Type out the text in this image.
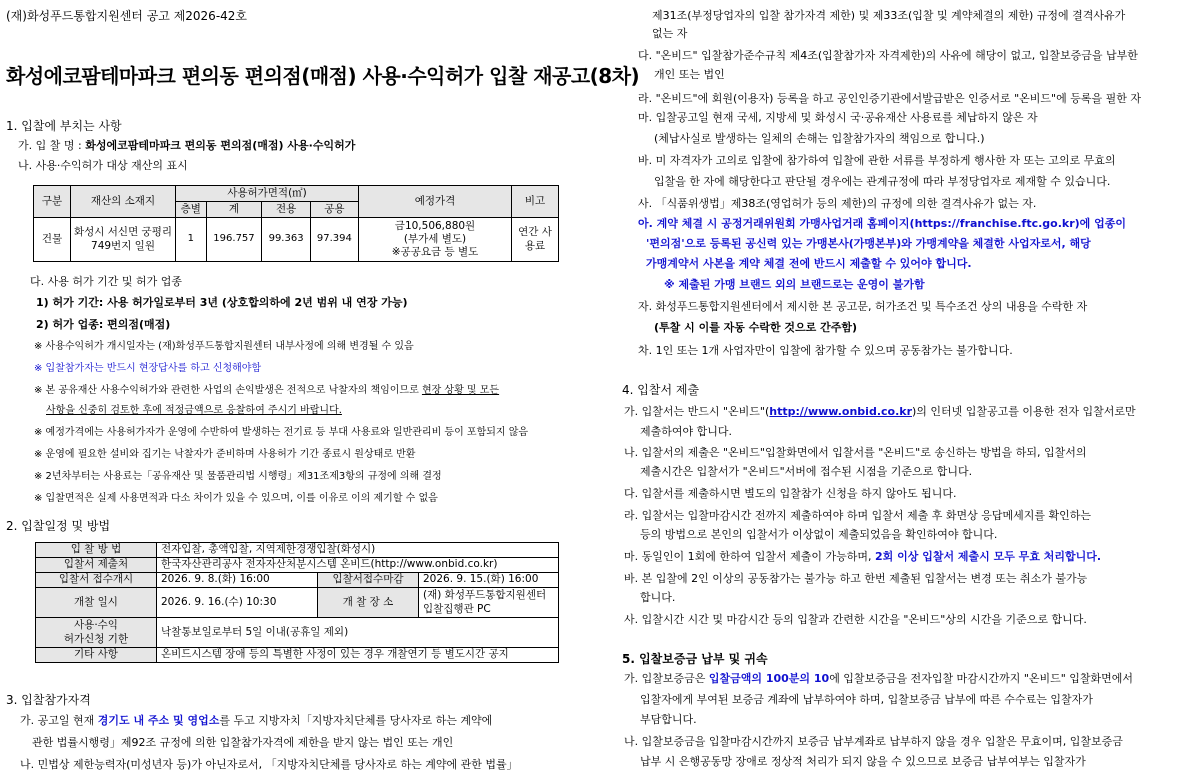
(재)화성푸드통합지원센터 공고 제2026-42호
화성에코팜테마파크 편의동 편의점(매점) 사용·수익허가 입찰 재공고(8차)
1. 입찰에 부치는 사항
가. 입 찰 명 : 화성에코팜테마파크 편의동 편의점(매점) 사용·수익허가
나. 사용·수익허가 대상 재산의 표시
구분	재산의 소재지	사용허가면적(㎡)				예정가격	비고
		층별	계	전용	공용		
건물	화성시 서신면 궁평리 749번지 일원	1	196.757	99.363	97.394	금10,506,880원
(부가세 별도)
※공공요금 등 별도	연간 사용료
다. 사용 허가 기간 및 허가 업종
1) 허가 기간: 사용 허가일로부터 3년 (상호합의하에 2년 범위 내 연장 가능)
2) 허가 업종: 편의점(매점)
※ 사용수익허가 개시일자는 (재)화성푸드통합지원센터 내부사정에 의해 변경될 수 있음
※ 입찰참가자는 반드시 현장답사를 하고 신청해야함
※ 본 공유재산 사용수익허가와 관련한 사업의 손익발생은 전적으로 낙찰자의 책임이므로 현장 상황 및 모든
사항을 신중히 검토한 후에 적정금액으로 응찰하여 주시기 바랍니다.
※ 예정가격에는 사용허가자가 운영에 수반하여 발생하는 전기료 등 부대 사용료와 일반관리비 등이 포함되지 않음
※ 운영에 필요한 설비와 집기는 낙찰자가 준비하며 사용허가 기간 종료시 원상태로 반환
※ 2년차부터는 사용료는「공유재산 및 물품관리법 시행령」제31조제3항의 규정에 의해 결정
※ 입찰면적은 실제 사용면적과 다소 차이가 있을 수 있으며, 이를 이유로 이의 제기할 수 없음
2. 입찰일정 및 방법
입 찰 방 법	전자입찰, 총액입찰, 지역제한경쟁입찰(화성시)		
입찰서 제출처	한국자산관리공사 전자자산처분시스템 온비드(http://www.onbid.co.kr)		
입찰서 접수개시	2026. 9. 8.(화) 16:00	입찰서접수마감	2026. 9. 15.(화) 16:00
개찰 일시	2026. 9. 16.(수) 10:30	개 찰 장 소	(재) 화성푸드통합지원센터
입찰집행관 PC

사용·수익
허가신청 기한	낙찰통보일로부터 5일 이내(공휴일 제외)		
기타 사항	온비드시스템 장애 등의 특별한 사정이 있는 경우 개찰연기 등 별도시간 공지		
3. 입찰참가자격
가. 공고일 현재 경기도 내 주소 및 영업소를 두고 지방자치「지방자치단체를 당사자로 하는 계약에
관한 법률시행령」제92조 규정에 의한 입찰참가자격에 제한을 받지 않는 법인 또는 개인
나. 민법상 제한능력자(미성년자 등)가 아닌자로서, 「지방자치단체를 당사자로 하는 계약에 관한 법률」
제31조(부정당업자의 입찰 참가자격 제한) 및 제33조(입찰 및 계약체결의 제한) 규정에 결격사유가
없는 자
다. "온비드" 입찰참가준수규칙 제4조(입찰참가자 자격제한)의 사유에 해당이 없고, 입찰보증금을 납부한
개인 또는 법인
라. "온비드"에 회원(이용자) 등록을 하고 공인인증기관에서발급받은 인증서로 "온비드"에 등록을 필한 자
마. 입찰공고일 현재 국세, 지방세 및 화성시 국·공유재산 사용료를 체납하지 않은 자
(체납사실로 발생하는 일체의 손해는 입찰참가자의 책임으로 합니다.)
바. 미 자격자가 고의로 입찰에 참가하여 입찰에 관한 서류를 부정하게 행사한 자 또는 고의로 무효의
입찰을 한 자에 해당한다고 판단될 경우에는 관계규정에 따라 부정당업자로 제재할 수 있습니다.
사. 「식품위생법」제38조(영업허가 등의 제한)의 규정에 의한 결격사유가 없는 자.
아. 계약 체결 시 공정거래위원회 가맹사업거래 홈페이지(https://franchise.ftc.go.kr)에 업종이
'편의점'으로 등록된 공신력 있는 가맹본사(가맹본부)와 가맹계약을 체결한 사업자로서, 해당
가맹계약서 사본을 계약 체결 전에 반드시 제출할 수 있어야 합니다.
※ 제출된 가맹 브랜드 외의 브랜드로는 운영이 불가함
자. 화성푸드통합지원센터에서 제시한 본 공고문, 허가조건 및 특수조건 상의 내용을 수락한 자
(투찰 시 이를 자동 수락한 것으로 간주함)
차. 1인 또는 1개 사업자만이 입찰에 참가할 수 있으며 공동참가는 불가합니다.
4. 입찰서 제출
가. 입찰서는 반드시 "온비드"(http://www.onbid.co.kr)의 인터넷 입찰공고를 이용한 전자 입찰서로만
제출하여야 합니다.
나. 입찰서의 제출은 "온비드"입찰화면에서 입찰서를 "온비드"로 송신하는 방법을 하되, 입찰서의
제출시간은 입찰서가 "온비드"서버에 접수된 시점을 기준으로 합니다.
다. 입찰서를 제출하시면 별도의 입찰참가 신청을 하지 않아도 됩니다.
라. 입찰서는 입찰마감시간 전까지 제출하여야 하며 입찰서 제출 후 화면상 응답메세지를 확인하는
등의 방법으로 본인의 입찰서가 이상없이 제출되었음을 확인하여야 합니다.
마. 동일인이 1회에 한하여 입찰서 제출이 가능하며, 2회 이상 입찰서 제출시 모두 무효 처리합니다.
바. 본 입찰에 2인 이상의 공동참가는 불가능 하고 한번 제출된 입찰서는 변경 또는 취소가 불가능
합니다.
사. 입찰시간 시간 및 마감시간 등의 입찰과 간련한 시간을 "온비드"상의 시간을 기준으로 합니다.
5. 입찰보증금 납부 및 귀속
가. 입찰보증금은 입찰금액의 100분의 10에 입찰보증금을 전자입찰 마감시간까지 "온비드" 입찰화면에서
입찰자에게 부여된 보증금 계좌에 납부하여야 하며, 입찰보증금 납부에 따른 수수료는 입찰자가
부담합니다.
나. 입찰보증금을 입찰마감시간까지 보증금 납부계좌로 납부하지 않을 경우 입찰은 무효이며, 입찰보증금
납부 시 은행공동망 장애로 정상적 처리가 되지 않을 수 있으므로 보증금 납부여부는 입찰자가
